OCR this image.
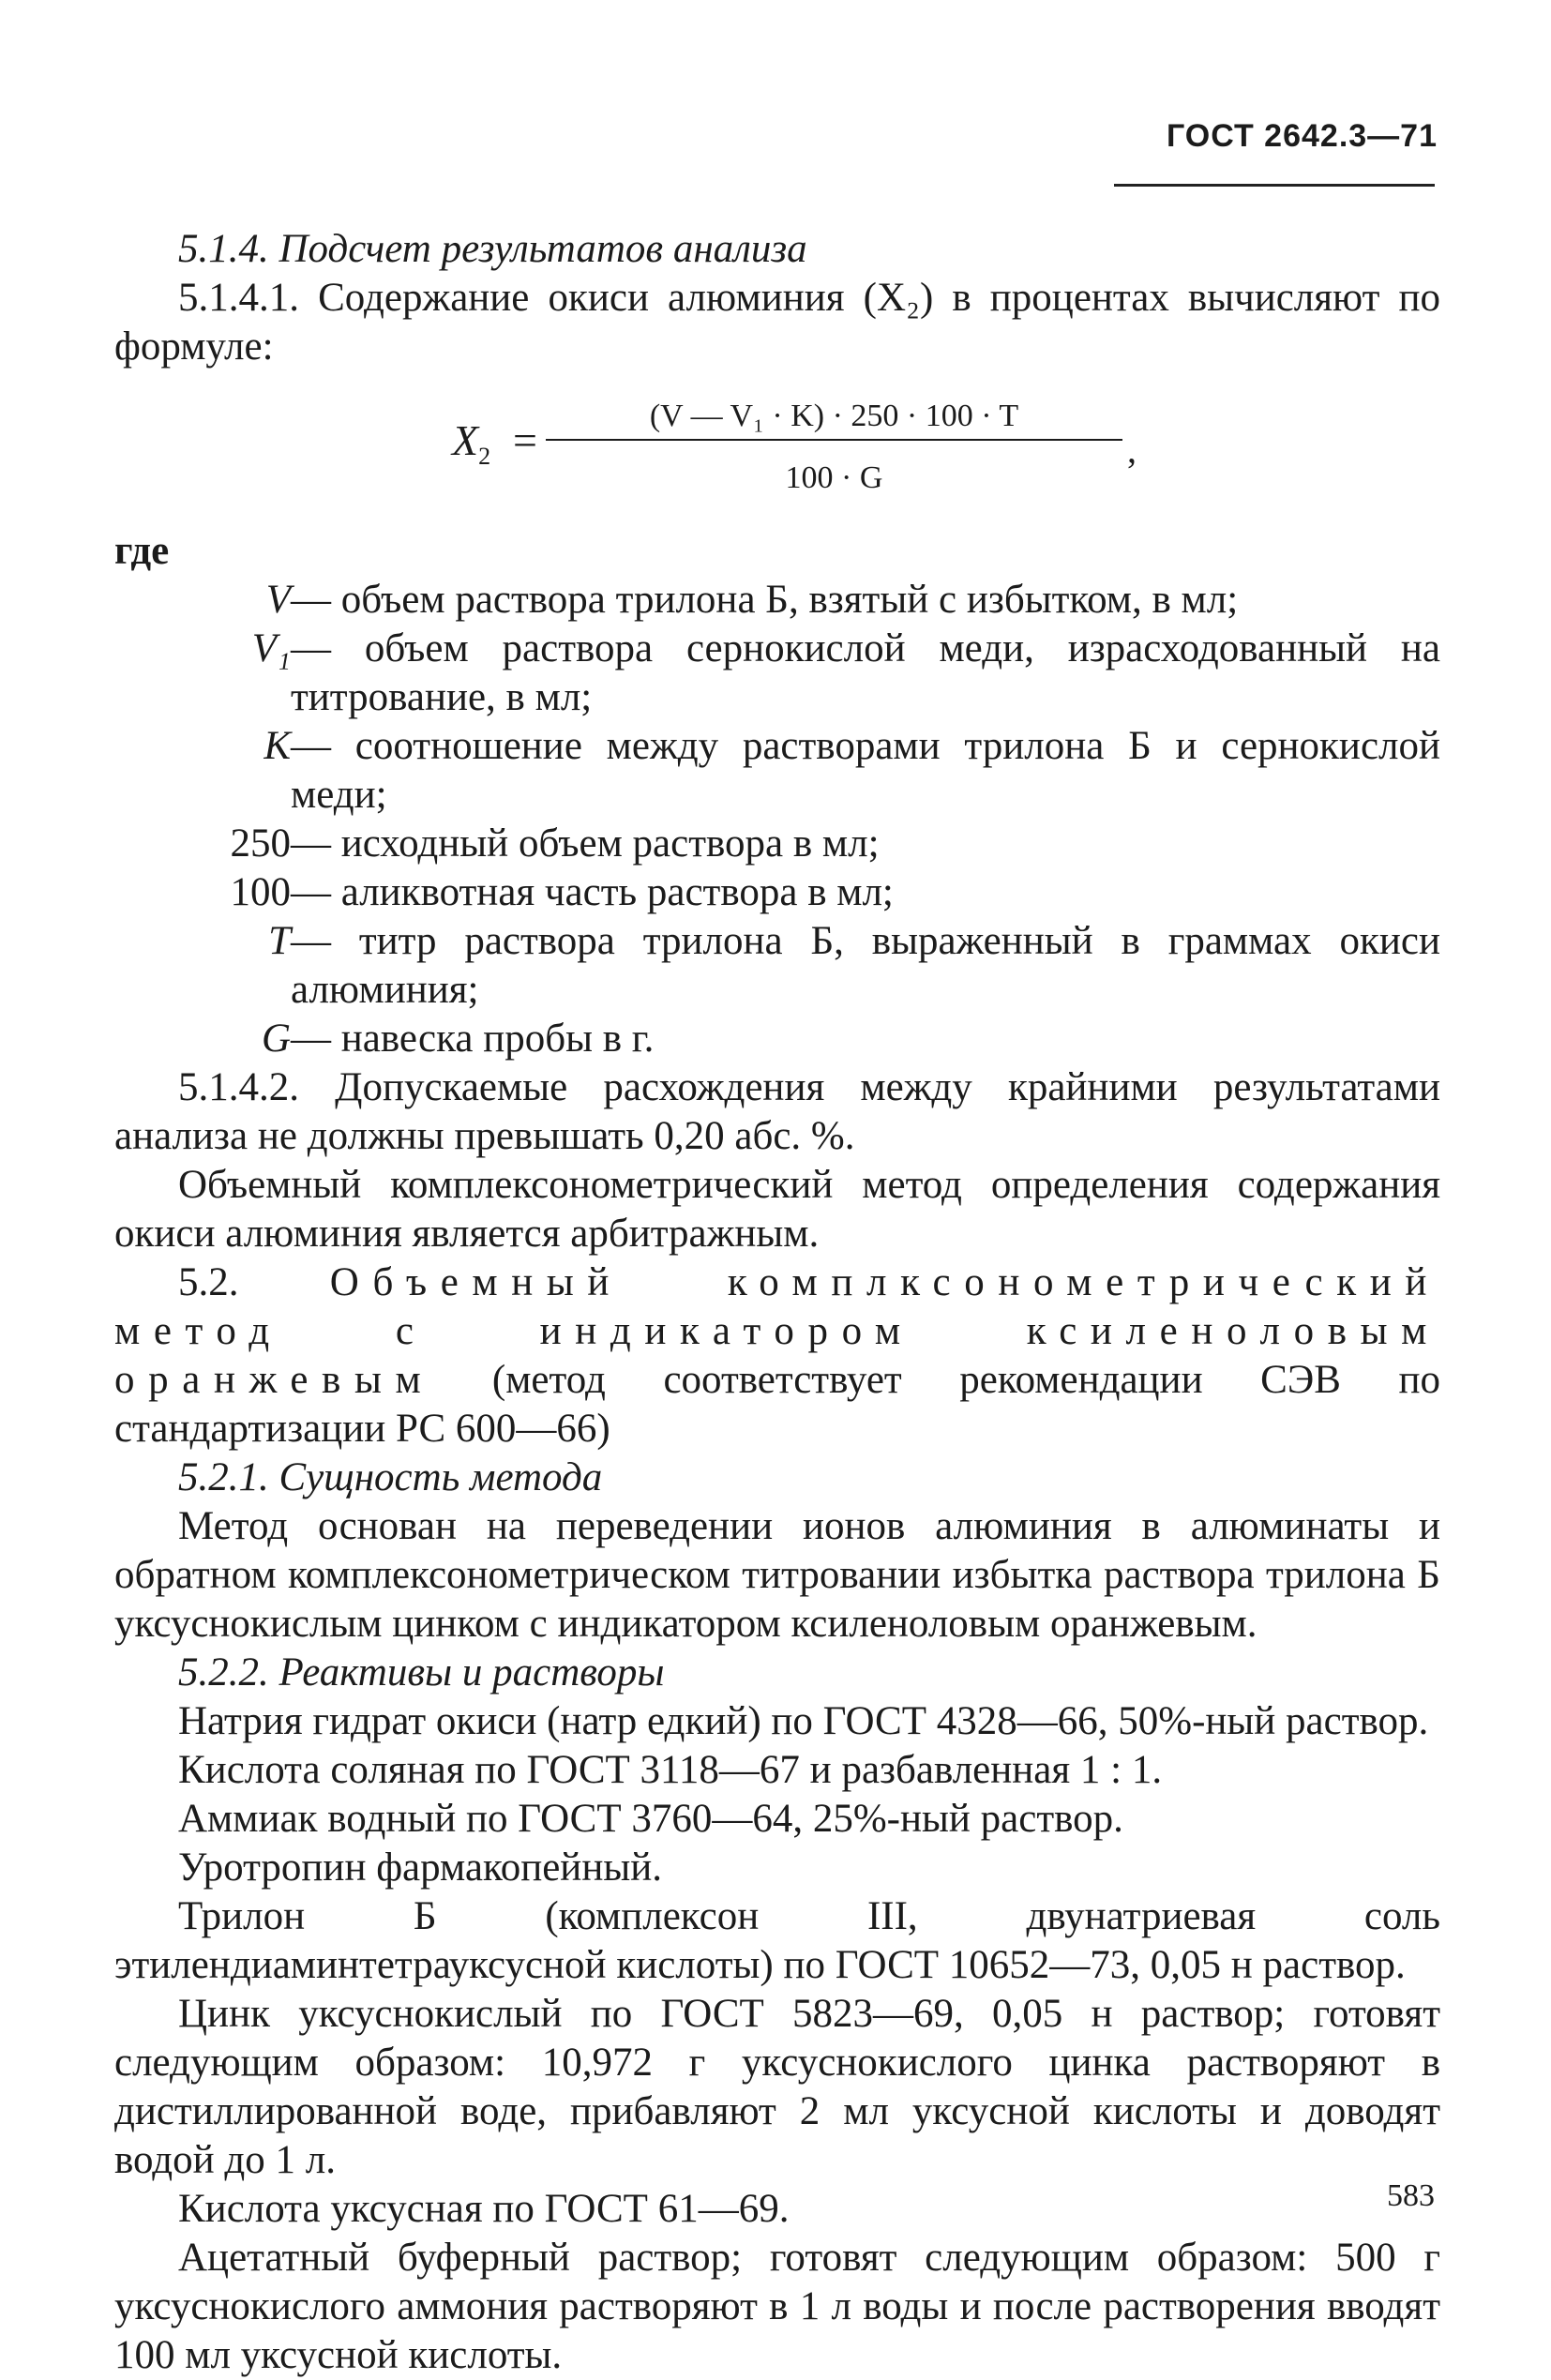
ГОСТ 2642.3—71

5.1.4. Подсчет результатов анализа

5.1.4.1. Содержание окиси алюминия (X₂) в процентах вычисляют по формуле:

$X_2$ =
(V — V₁ · K) · 250 · 100 · T
100 · G
,

где

V — объем раствора трилона Б, взятый с избытком, в мл;
V₁ — объем раствора сернокислой меди, израсходованный на титрование, в мл;
K — соотношение между растворами трилона Б и сернокислой меди;
250 — исходный объем раствора в мл;
100 — аликвотная часть раствора в мл;
T — титр раствора трилона Б, выраженный в граммах окиси алюминия;
G — навеска пробы в г.

5.1.4.2. Допускаемые расхождения между крайними результатами анализа не должны превышать 0,20 абс. %.

Объемный комплексонометрический метод определения содержания окиси алюминия является арбитражным.

5.2. Объемный комплксонометрический метод с индикатором ксиленоловым оранжевым (метод соответствует рекомендации СЭВ по стандартизации РС 600—66)

5.2.1. Сущность метода

Метод основан на переведении ионов алюминия в алюминаты и обратном комплексонометрическом титровании избытка раствора трилона Б уксуснокислым цинком с индикатором ксиленоловым оранжевым.

5.2.2. Реактивы и растворы

Натрия гидрат окиси (натр едкий) по ГОСТ 4328—66, 50%-ный раствор.

Кислота соляная по ГОСТ 3118—67 и разбавленная 1 : 1.

Аммиак водный по ГОСТ 3760—64, 25%-ный раствор.

Уротропин фармакопейный.

Трилон Б (комплексон III, двунатриевая соль этилендиаминтетрауксусной кислоты) по ГОСТ 10652—73, 0,05 н раствор.

Цинк уксуснокислый по ГОСТ 5823—69, 0,05 н раствор; готовят следующим образом: 10,972 г уксуснокислого цинка растворяют в дистиллированной воде, прибавляют 2 мл уксусной кислоты и доводят водой до 1 л.

Кислота уксусная по ГОСТ 61—69.

Ацетатный буферный раствор; готовят следующим образом: 500 г уксуснокислого аммония растворяют в 1 л воды и после растворения вводят 100 мл уксусной кислоты.

583
